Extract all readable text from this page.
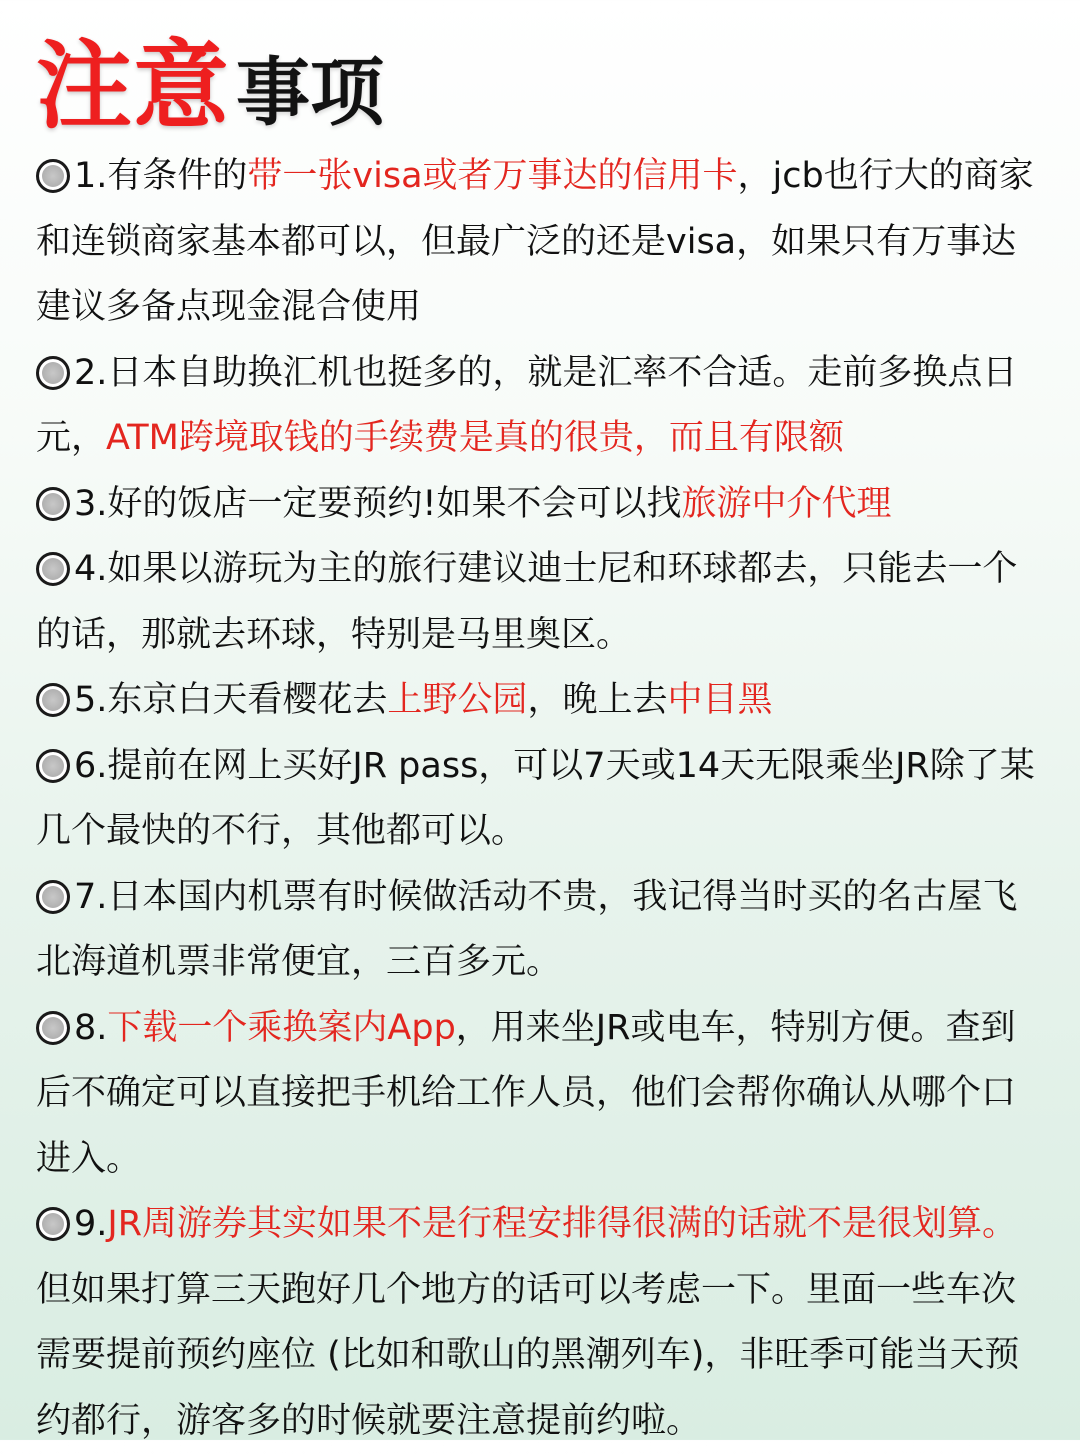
注意 事项
1.有条件的带一张visa或者万事达的信用卡，jcb也行大的商家和连锁商家基本都可以，但最广泛的还是visa，如果只有万事达建议多备点现金混合使用
2.日本自助换汇机也挺多的，就是汇率不合适。走前多换点日元，ATM跨境取钱的手续费是真的很贵，而且有限额
3.好的饭店一定要预约!如果不会可以找旅游中介代理
4.如果以游玩为主的旅行建议迪士尼和环球都去，只能去一个的话，那就去环球，特别是马里奥区。
5.东京白天看樱花去上野公园，晚上去中目黑
6.提前在网上买好JR pass，可以7天或14天无限乘坐JR除了某几个最快的不行，其他都可以。
7.日本国内机票有时候做活动不贵，我记得当时买的名古屋飞北海道机票非常便宜，三百多元。
8.下载一个乘换案内App，用来坐JR或电车，特别方便。查到后不确定可以直接把手机给工作人员，他们会帮你确认从哪个口进入。
9.JR周游券其实如果不是行程安排得很满的话就不是很划算。但如果打算三天跑好几个地方的话可以考虑一下。里面一些车次需要提前预约座位 (比如和歌山的黑潮列车)，非旺季可能当天预约都行，游客多的时候就要注意提前约啦。
